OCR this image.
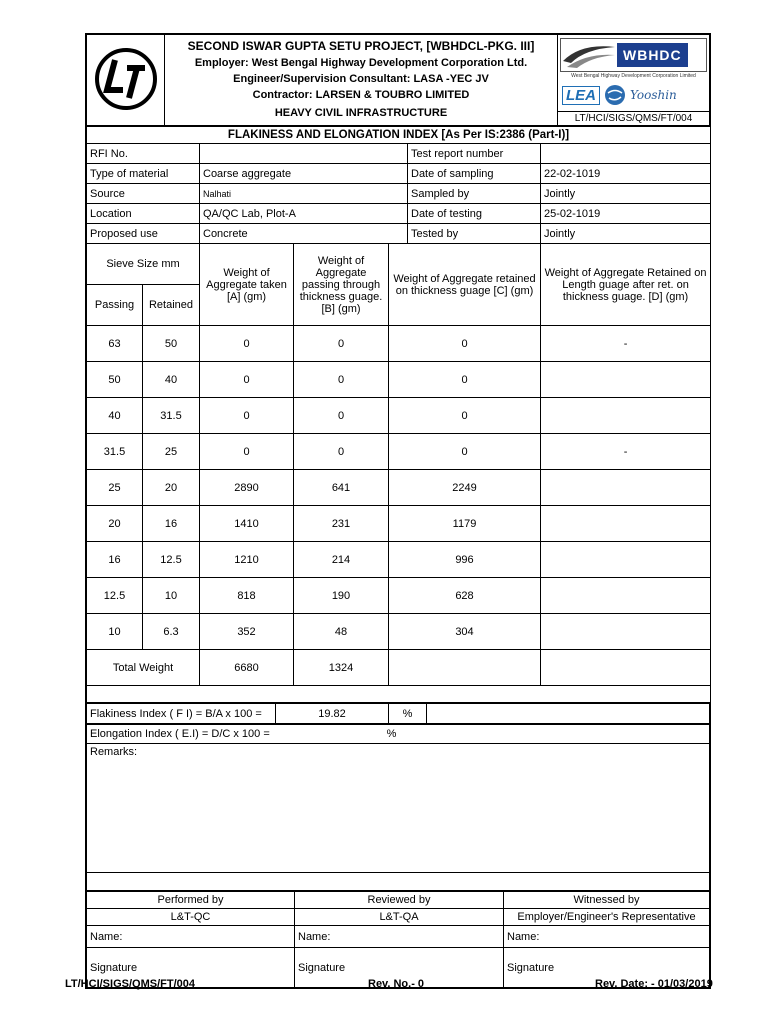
SECOND ISWAR GUPTA SETU PROJECT, [WBHDCL-PKG. III]
Employer: West Bengal Highway Development Corporation Ltd.
Engineer/Supervision Consultant: LASA -YEC JV
Contractor: LARSEN & TOUBRO LIMITED
HEAVY CIVIL INFRASTRUCTURE

WBHDC
West Bengal Highway Development Corporation Limited
LEA	Yooshin
LT/HCI/SIGS/QMS/FT/004
FLAKINESS AND ELONGATION INDEX [As Per IS:2386 (Part-I)]						
RFI No.					Test report number	
Type of material		Coarse aggregate			Date of sampling	22-02-1019
Source		Nalhati			Sampled by	Jointly
Location		QA/QC Lab, Plot-A			Date of testing	25-02-1019
Proposed use		Concrete			Tested by	Jointly
Sieve Size mm		Weight of Aggregate taken [A] (gm)	Weight of Aggregate passing through thickness guage. [B] (gm)	Weight of Aggregate retained on thickness guage [C] (gm)		Weight of Aggregate Retained on Length guage after ret. on thickness guage. [D] (gm)
Passing	Retained					
63	50	0	0	0		-
50	40	0	0	0		
40	31.5	0	0	0		
31.5	25	0	0	0		-
25	20	2890	641	2249		
20	16	1410	231	1179		
16	12.5	1210	214	996		
12.5	10	818	190	628		
10	6.3	352	48	304		
Total Weight		6680	1324			

Flakiness Index ( F I) = B/A x 100 =	19.82	%	
Elongation Index ( E.I) = D/C x 100 =	%	
Remarks:

Performed by	Reviewed by	Witnessed by
L&T-QC	L&T-QA	Employer/Engineer's Representative
Name:	Name:	Name:
Signature	Signature	Signature
LT/HCI/SIGS/QMS/FT/004	Rev. No.- 0	Rev. Date: - 01/03/2019
